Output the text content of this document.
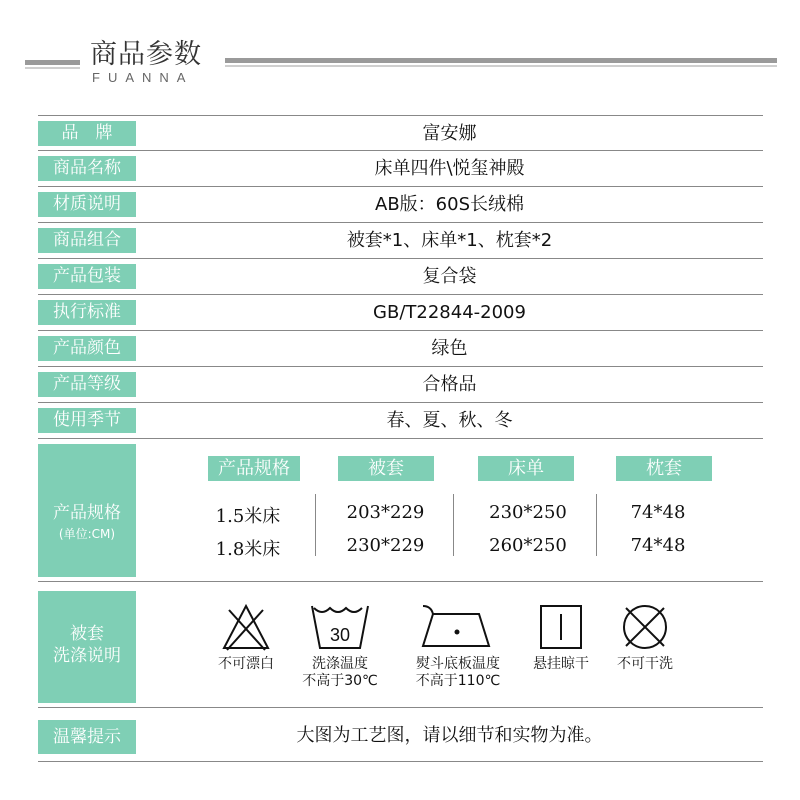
商品参数
FUANNA
品　牌	富安娜
商品名称	床单四件\悦玺神殿
材质说明	AB版：60S长绒棉
商品组合	被套*1、床单*1、枕套*2
产品包装	复合袋
执行标准	GB/T22844-2009
产品颜色	绿色
产品等级	合格品
使用季节	春、夏、秋、冬
产品规格
(单位:CM)
产品规格	被套	床单	枕套
1.5米床	203*229	230*250	74*48
1.8米床	230*229	260*250	74*48
被套
洗涤说明	不可漂白
30
洗涤温度
不高于30℃
熨斗底板温度
不高于110℃
悬挂晾干	不可干洗
温馨提示	大图为工艺图，请以细节和实物为准。
